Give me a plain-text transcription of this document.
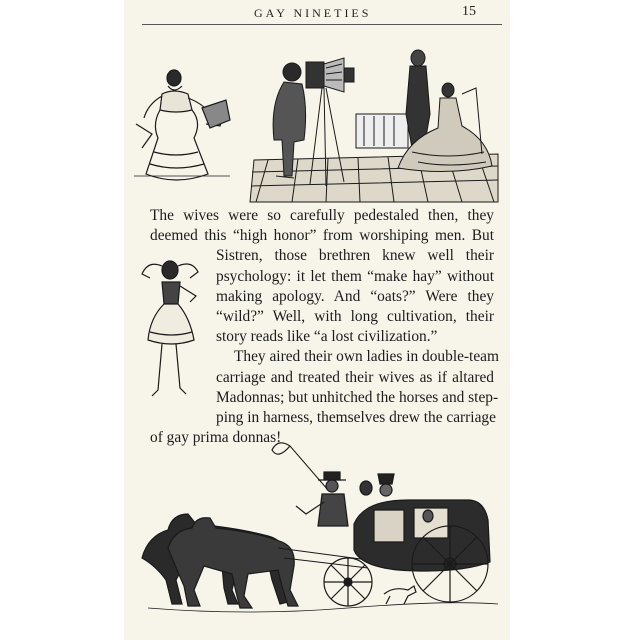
GAY NINETIES	15
The wives were so carefully pedestaled then, they
deemed this “high honor” from worshiping men. But
Sistren, those brethren knew well their
psychology: it let them “make hay” without
making apology. And “oats?” Were they
“wild?” Well, with long cultivation, their
story reads like “a lost civilization.”
They aired their own ladies in double-team
carriage and treated their wives as if altared
Madonnas; but unhitched the horses and step-
ping in harness, themselves drew the carriage
of gay prima donnas!
